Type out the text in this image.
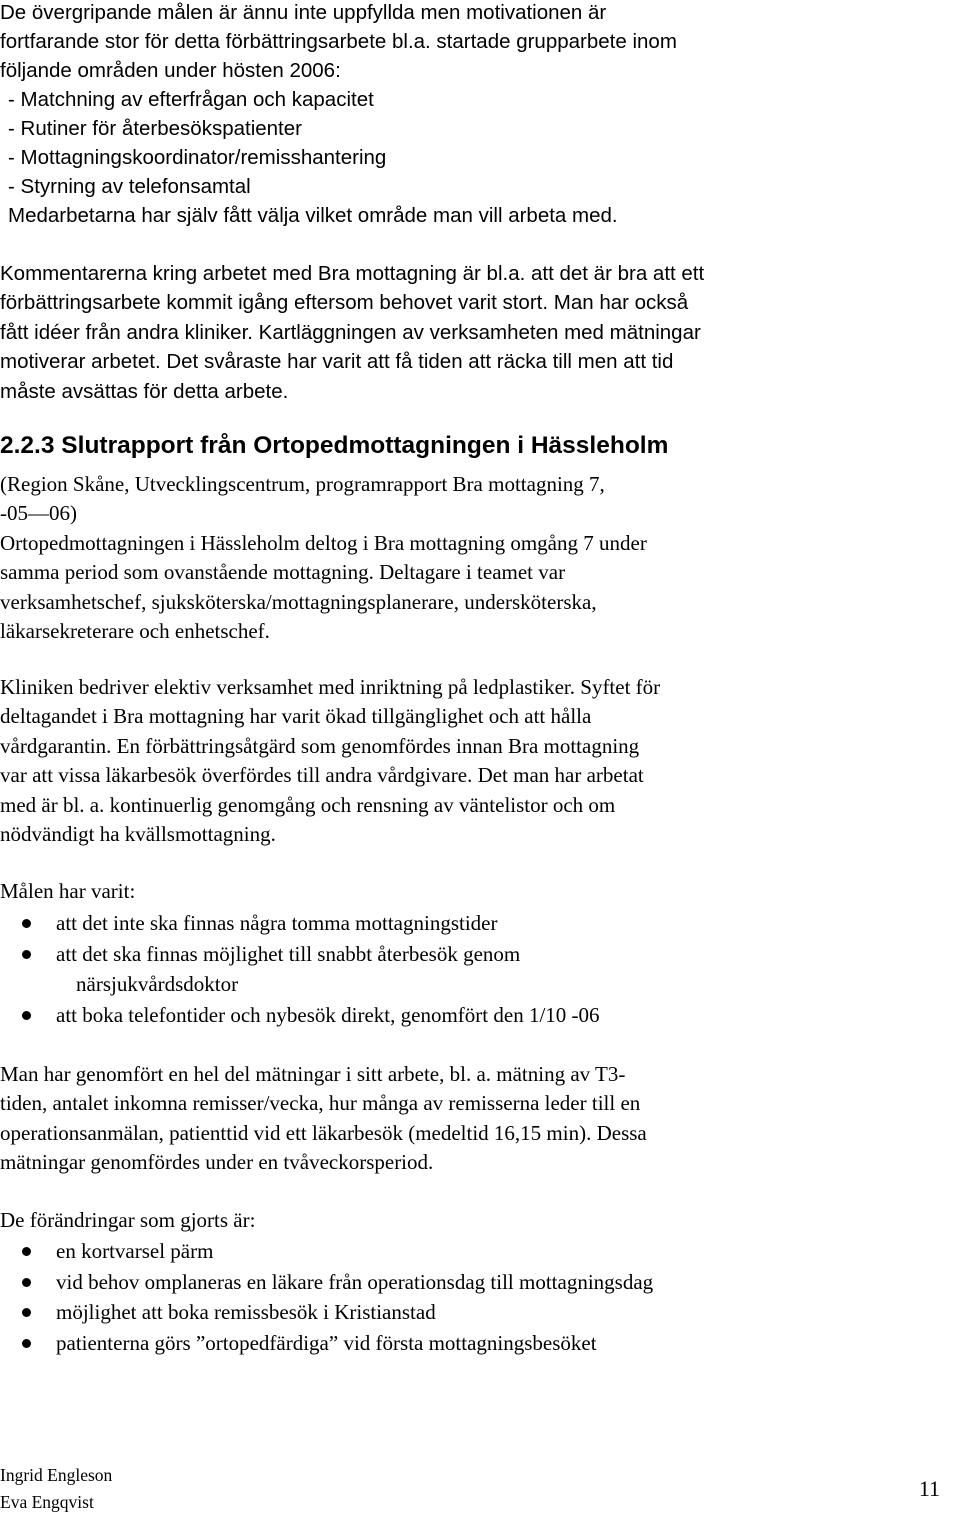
De övergripande målen är ännu inte uppfyllda men motivationen är
fortfarande stor för detta förbättringsarbete bl.a. startade grupparbete inom
följande områden under hösten 2006:
- Matchning av efterfrågan och kapacitet
- Rutiner för återbesökspatienter
- Mottagningskoordinator/remisshantering
- Styrning av telefonsamtal
Medarbetarna har själv fått välja vilket område man vill arbeta med.
Kommentarerna kring arbetet med Bra mottagning är bl.a. att det är bra att ett
förbättringsarbete kommit igång eftersom behovet varit stort. Man har också
fått idéer från andra kliniker. Kartläggningen av verksamheten med mätningar
motiverar arbetet. Det svåraste har varit att få tiden att räcka till men att tid
måste avsättas för detta arbete.
2.2.3 Slutrapport från Ortopedmottagningen i Hässleholm
(Region Skåne, Utvecklingscentrum, programrapport Bra mottagning 7,
-05—06)
Ortopedmottagningen i Hässleholm deltog i Bra mottagning omgång 7 under
samma period som ovanstående mottagning. Deltagare i teamet var
verksamhetschef, sjuksköterska/mottagningsplanerare, undersköterska,
läkarsekreterare och enhetschef.
Kliniken bedriver elektiv verksamhet med inriktning på ledplastiker. Syftet för
deltagandet i Bra mottagning har varit ökad tillgänglighet och att hålla
vårdgarantin. En förbättringsåtgärd som genomfördes innan Bra mottagning
var att vissa läkarbesök överfördes till andra vårdgivare. Det man har arbetat
med är bl. a. kontinuerlig genomgång och rensning av väntelistor och om
nödvändigt ha kvällsmottagning.
Målen har varit:
att det inte ska finnas några tomma mottagningstider
att det ska finnas möjlighet till snabbt återbesök genom
närsjukvårdsdoktor
att boka telefontider och nybesök direkt, genomfört den 1/10 -06
Man har genomfört en hel del mätningar i sitt arbete, bl. a. mätning av T3-
tiden, antalet inkomna remisser/vecka, hur många av remisserna leder till en
operationsanmälan, patienttid vid ett läkarbesök (medeltid 16,15 min). Dessa
mätningar genomfördes under en tvåveckorsperiod.
De förändringar som gjorts är:
en kortvarsel pärm
vid behov omplaneras en läkare från operationsdag till mottagningsdag
möjlighet att boka remissbesök i Kristianstad
patienterna görs ”ortopedfärdiga” vid första mottagningsbesöket
Ingrid Engleson
Eva Engqvist
11
